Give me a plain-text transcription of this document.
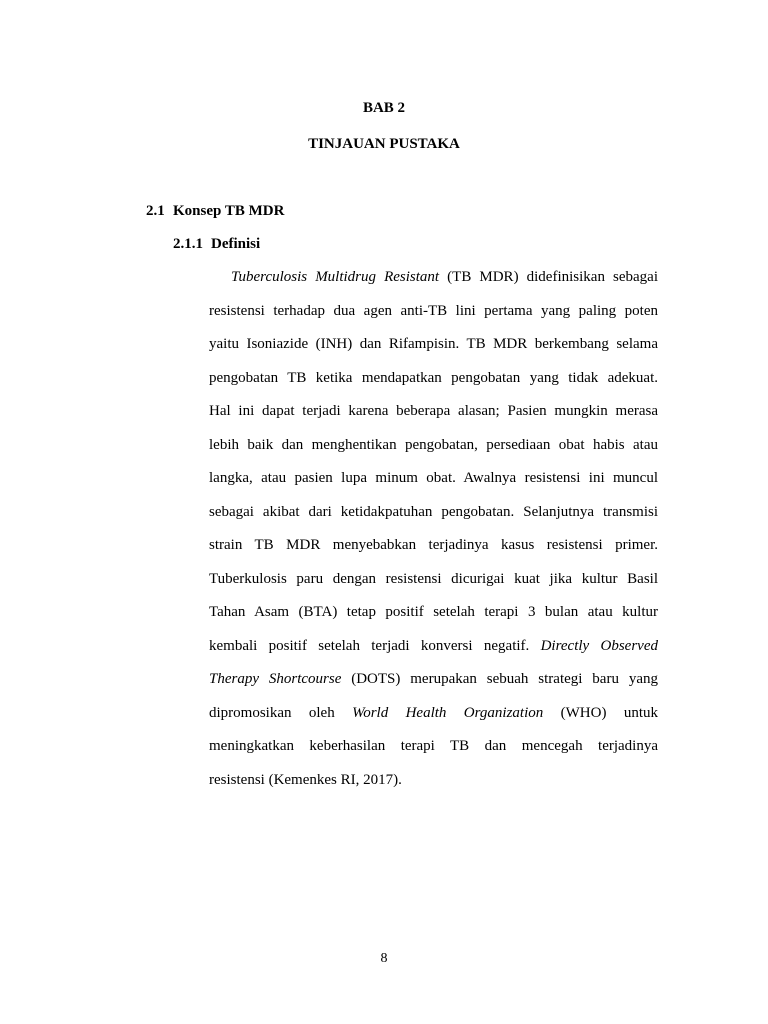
BAB 2

TINJAUAN PUSTAKA

2.1 Konsep TB MDR

2.1.1 Definisi

Tuberculosis Multidrug Resistant (TB MDR) didefinisikan sebagai
resistensi terhadap dua agen anti-TB lini pertama yang paling poten
yaitu Isoniazide (INH) dan Rifampisin. TB MDR berkembang selama
pengobatan TB ketika mendapatkan pengobatan yang tidak adekuat.
Hal ini dapat terjadi karena beberapa alasan; Pasien mungkin merasa
lebih baik dan menghentikan pengobatan, persediaan obat habis atau
langka, atau pasien lupa minum obat. Awalnya resistensi ini muncul
sebagai akibat dari ketidakpatuhan pengobatan. Selanjutnya transmisi
strain TB MDR menyebabkan terjadinya kasus resistensi primer.
Tuberkulosis paru dengan resistensi dicurigai kuat jika kultur Basil
Tahan Asam (BTA) tetap positif setelah terapi 3 bulan atau kultur
kembali positif setelah terjadi konversi negatif. Directly Observed
Therapy Shortcourse (DOTS) merupakan sebuah strategi baru yang
dipromosikan oleh World Health Organization (WHO) untuk
meningkatkan keberhasilan terapi TB dan mencegah terjadinya
resistensi (Kemenkes RI, 2017).

8
